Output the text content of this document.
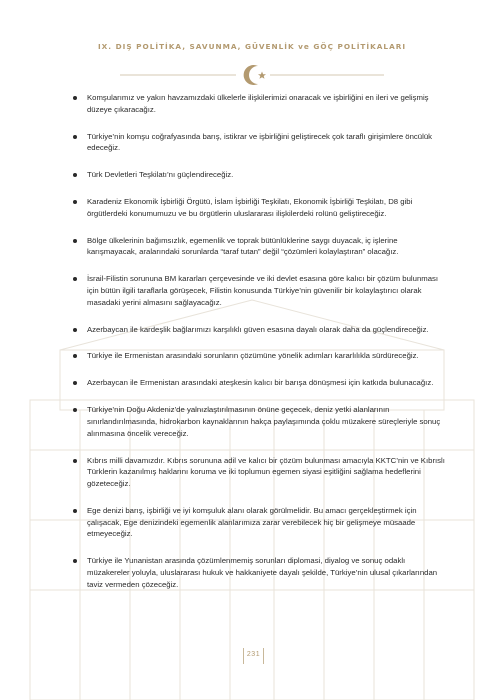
IX. DIŞ POLİTİKA, SAVUNMA, GÜVENLİK ve GÖÇ POLİTİKALARI
Komşularımız ve yakın havzamızdaki ülkelerle ilişkilerimizi onaracak ve işbirliğini en ileri ve gelişmiş düzeye çıkaracağız.
Türkiye’nin komşu coğrafyasında barış, istikrar ve işbirliğini geliştirecek çok taraflı girişimlere öncülük edeceğiz.
Türk Devletleri Teşkilatı’nı güçlendireceğiz.
Karadeniz Ekonomik İşbirliği Örgütü, İslam İşbirliği Teşkilatı, Ekonomik İşbirliği Teşkilatı, D8 gibi örgütlerdeki konumumuzu ve bu örgütlerin uluslararası ilişkilerdeki rolünü geliştireceğiz.
Bölge ülkelerinin bağımsızlık, egemenlik ve toprak bütünlüklerine saygı duyacak, iç işlerine karışmayacak, aralarındaki sorunlarda “taraf tutan” değil “çözümleri kolaylaştıran” olacağız.
İsrail-Filistin sorununa BM kararları çerçevesinde ve iki devlet esasına göre kalıcı bir çözüm bulunması için bütün ilgili taraflarla görüşecek, Filistin konusunda Türkiye’nin güvenilir bir kolaylaştırıcı olarak masadaki yerini almasını sağlayacağız.
Azerbaycan ile kardeşlik bağlarımızı karşılıklı güven esasına dayalı olarak daha da güçlendireceğiz.
Türkiye ile Ermenistan arasındaki sorunların çözümüne yönelik adımları kararlılıkla sürdüreceğiz.
Azerbaycan ile Ermenistan arasındaki ateşkesin kalıcı bir barışa dönüşmesi için katkıda bulunacağız.
Türkiye’nin Doğu Akdeniz’de yalnızlaştırılmasının önüne geçecek, deniz yetki alanlarının sınırlandırılmasında, hidrokarbon kaynaklarının hakça paylaşımında çoklu müzakere süreçleriyle sonuç alınmasına öncelik vereceğiz.
Kıbrıs milli davamızdır. Kıbrıs sorununa adil ve kalıcı bir çözüm bulunması amacıyla KKTC’nin ve Kıbrıslı Türklerin kazanılmış haklarını koruma ve iki toplumun egemen siyasi eşitliğini sağlama hedeflerini gözeteceğiz.
Ege denizi barış, işbirliği ve iyi komşuluk alanı olarak görülmelidir. Bu amacı gerçekleştirmek için çalışacak, Ege denizindeki egemenlik alanlarımıza zarar verebilecek hiç bir gelişmeye müsaade etmeyeceğiz.
Türkiye ile Yunanistan arasında çözümlenmemiş sorunları diplomasi, diyalog ve sonuç odaklı müzakereler yoluyla, uluslararası hukuk ve hakkaniyete dayalı şekilde, Türkiye’nin ulusal çıkarlarından taviz vermeden çözeceğiz.
231
